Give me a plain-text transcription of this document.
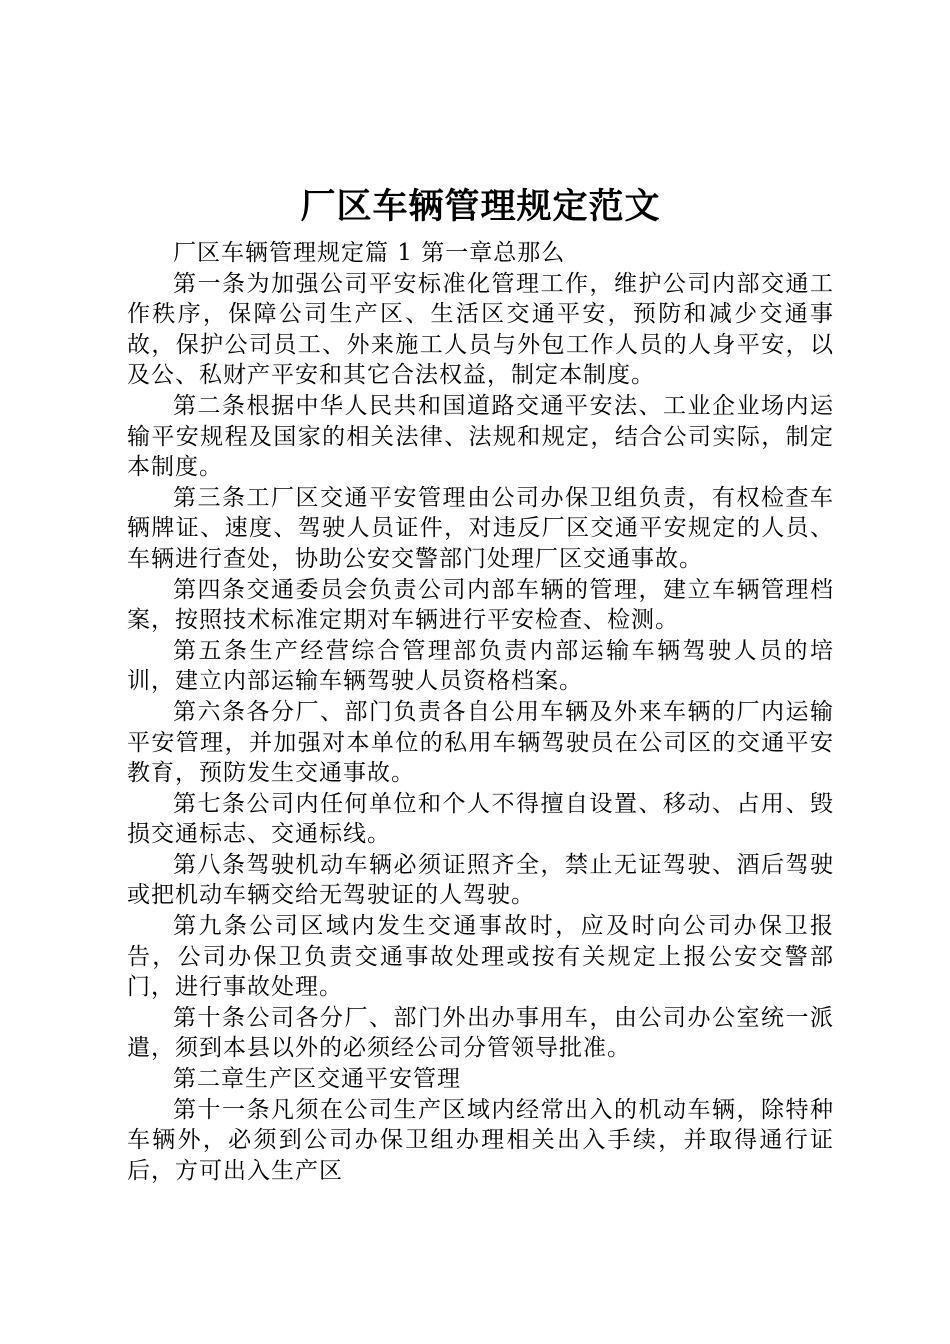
厂区车辆管理规定范文

厂区车辆管理规定篇 1 第一章总那么

第一条为加强公司平安标准化管理工作，维护公司内部交通工作秩序，保障公司生产区、生活区交通平安，预防和减少交通事故，保护公司员工、外来施工人员与外包工作人员的人身平安，以及公、私财产平安和其它合法权益，制定本制度。

第二条根据中华人民共和国道路交通平安法、工业企业场内运输平安规程及国家的相关法律、法规和规定，结合公司实际，制定本制度。

第三条工厂区交通平安管理由公司办保卫组负责，有权检查车辆牌证、速度、驾驶人员证件，对违反厂区交通平安规定的人员、车辆进行查处，协助公安交警部门处理厂区交通事故。

第四条交通委员会负责公司内部车辆的管理，建立车辆管理档案，按照技术标准定期对车辆进行平安检查、检测。

第五条生产经营综合管理部负责内部运输车辆驾驶人员的培训，建立内部运输车辆驾驶人员资格档案。

第六条各分厂、部门负责各自公用车辆及外来车辆的厂内运输平安管理，并加强对本单位的私用车辆驾驶员在公司区的交通平安教育，预防发生交通事故。

第七条公司内任何单位和个人不得擅自设置、移动、占用、毁损交通标志、交通标线。

第八条驾驶机动车辆必须证照齐全，禁止无证驾驶、酒后驾驶或把机动车辆交给无驾驶证的人驾驶。

第九条公司区域内发生交通事故时，应及时向公司办保卫报告，公司办保卫负责交通事故处理或按有关规定上报公安交警部门，进行事故处理。

第十条公司各分厂、部门外出办事用车，由公司办公室统一派遣，须到本县以外的必须经公司分管领导批准。

第二章生产区交通平安管理

第十一条凡须在公司生产区域内经常出入的机动车辆，除特种车辆外，必须到公司办保卫组办理相关出入手续，并取得通行证后，方可出入生产区
